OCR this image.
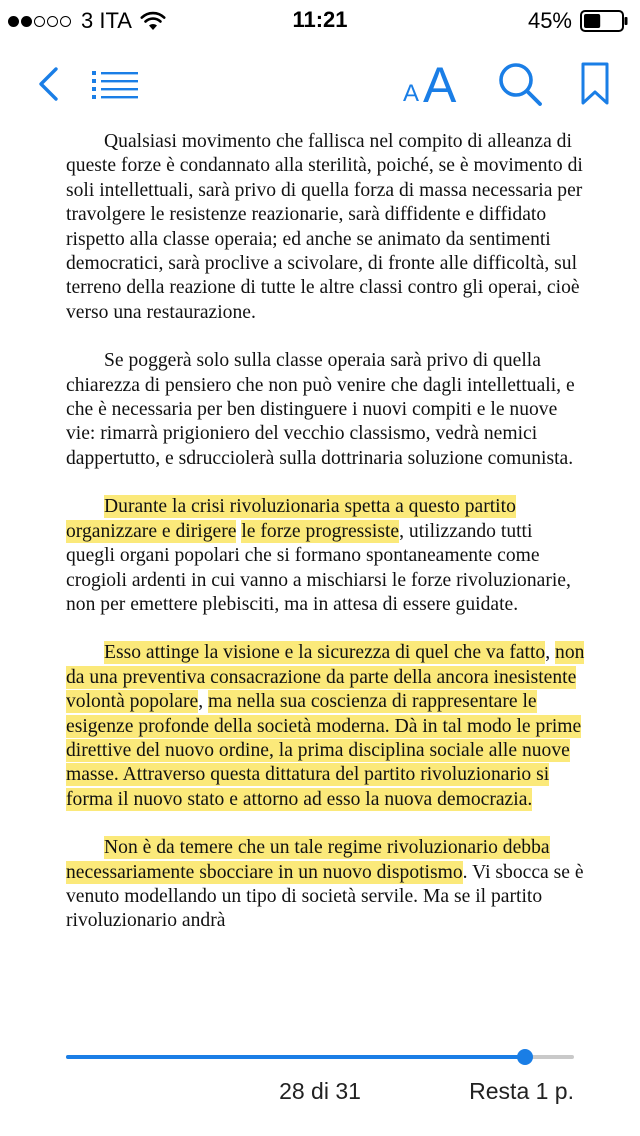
3 ITA	11:21	45%
A A

Qualsiasi movimento che fallisca nel compito di alleanza di queste forze è condannato alla sterilità, poiché, se è movimento di soli intellettuali, sarà privo di quella forza di massa necessaria per travolgere le resistenze reazionarie, sarà diffidente e diffidato rispetto alla classe operaia; ed anche se animato da sentimenti democratici, sarà proclive a scivolare, di fronte alle difficoltà, sul terreno della reazione di tutte le altre classi contro gli operai, cioè verso una restaurazione.

Se poggerà solo sulla classe operaia sarà privo di quella chiarezza di pensiero che non può venire che dagli intellettuali, e che è necessaria per ben distinguere i nuovi compiti e le nuove vie: rimarrà prigioniero del vecchio classismo, vedrà nemici dappertutto, e sdrucciolerà sulla dottrinaria soluzione comunista.

Durante la crisi rivoluzionaria spetta a questo partito organizzare e dirigere le forze progressiste, utilizzando tutti quegli organi popolari che si formano spontaneamente come crogioli ardenti in cui vanno a mischiarsi le forze rivoluzionarie, non per emettere plebisciti, ma in attesa di essere guidate.

Esso attinge la visione e la sicurezza di quel che va fatto, non da una preventiva consacrazione da parte della ancora inesistente volontà popolare, ma nella sua coscienza di rappresentare le esigenze profonde della società moderna. Dà in tal modo le prime direttive del nuovo ordine, la prima disciplina sociale alle nuove masse. Attraverso questa dittatura del partito rivoluzionario si forma il nuovo stato e attorno ad esso la nuova democrazia.

Non è da temere che un tale regime rivoluzionario debba necessariamente sbocciare in un nuovo dispotismo. Vi sbocca se è venuto modellando un tipo di società servile. Ma se il partito rivoluzionario andrà

28 di 31	Resta 1 p.
